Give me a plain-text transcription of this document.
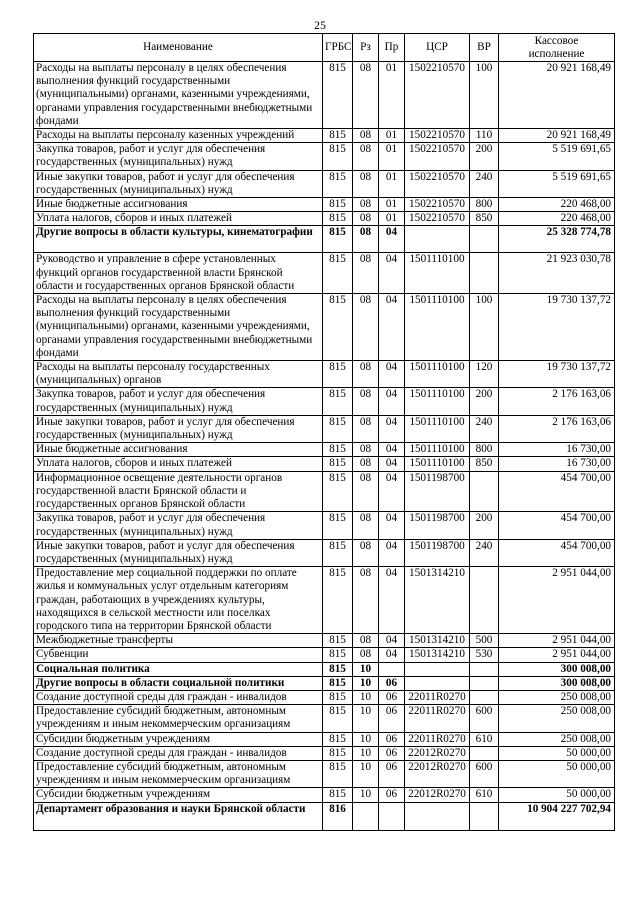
25
Наименование	ГРБС	Рз	Пр	ЦСР	ВР	Кассовое
исполнение

Расходы на выплаты персоналу в целях обеспечения выполнения функций государственными (муниципальными) органами, казенными учреждениями, органами управления государственными внебюджетными фондами	815	08	01	1502210570	100	20 921 168,49
Расходы на выплаты персоналу казенных учреждений	815	08	01	1502210570	110	20 921 168,49
Закупка товаров, работ и услуг для обеспечения государственных (муниципальных) нужд	815	08	01	1502210570	200	5 519 691,65
Иные закупки товаров, работ и услуг для обеспечения государственных (муниципальных) нужд	815	08	01	1502210570	240	5 519 691,65
Иные бюджетные ассигнования	815	08	01	1502210570	800	220 468,00
Уплата налогов, сборов и иных платежей	815	08	01	1502210570	850	220 468,00
Другие вопросы в области культуры, кинематографии	815	08	04			25 328 774,78
Руководство и управление в сфере установленных функций органов государственной власти Брянской области и государственных органов Брянской области	815	08	04	1501110100		21 923 030,78
Расходы на выплаты персоналу в целях обеспечения выполнения функций государственными (муниципальными) органами, казенными учреждениями, органами управления государственными внебюджетными фондами	815	08	04	1501110100	100	19 730 137,72
Расходы на выплаты персоналу государственных (муниципальных) органов	815	08	04	1501110100	120	19 730 137,72
Закупка товаров, работ и услуг для обеспечения государственных (муниципальных) нужд	815	08	04	1501110100	200	2 176 163,06
Иные закупки товаров, работ и услуг для обеспечения государственных (муниципальных) нужд	815	08	04	1501110100	240	2 176 163,06
Иные бюджетные ассигнования	815	08	04	1501110100	800	16 730,00
Уплата налогов, сборов и иных платежей	815	08	04	1501110100	850	16 730,00
Информационное освещение деятельности органов государственной власти Брянской области и государственных органов Брянской области	815	08	04	1501198700		454 700,00
Закупка товаров, работ и услуг для обеспечения государственных (муниципальных) нужд	815	08	04	1501198700	200	454 700,00
Иные закупки товаров, работ и услуг для обеспечения государственных (муниципальных) нужд	815	08	04	1501198700	240	454 700,00
Предоставление мер социальной поддержки по оплате жилья и коммунальных услуг отдельным категориям граждан, работающих в учреждениях культуры, находящихся в сельской местности или поселках городского типа на территории Брянской области	815	08	04	1501314210		2 951 044,00
Межбюджетные трансферты	815	08	04	1501314210	500	2 951 044,00
Субвенции	815	08	04	1501314210	530	2 951 044,00
Социальная политика	815	10				300 008,00
Другие вопросы в области социальной политики	815	10	06			300 008,00
Создание доступной среды для граждан - инвалидов	815	10	06	22011R0270		250 008,00
Предоставление субсидий бюджетным, автономным учреждениям и иным некоммерческим организациям	815	10	06	22011R0270	600	250 008,00
Субсидии бюджетным учреждениям	815	10	06	22011R0270	610	250 008,00
Создание доступной среды для граждан - инвалидов	815	10	06	22012R0270		50 000,00
Предоставление субсидий бюджетным, автономным учреждениям и иным некоммерческим организациям	815	10	06	22012R0270	600	50 000,00
Субсидии бюджетным учреждениям	815	10	06	22012R0270	610	50 000,00
Департамент образования и науки Брянской области	816					10 904 227 702,94
